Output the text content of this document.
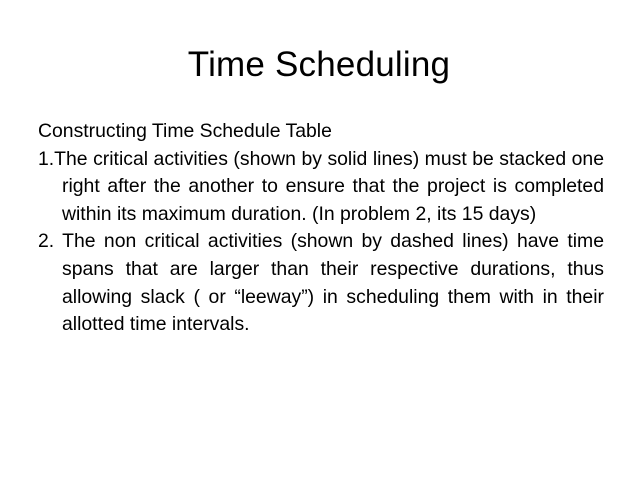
Time Scheduling

Constructing Time Schedule Table

1.The critical activities (shown by solid lines) must be stacked one right after the another to ensure that the project is completed within its maximum duration. (In problem 2, its 15 days)

2. The non critical activities (shown by dashed lines) have time spans that are larger than their respective durations, thus allowing slack ( or “leeway”) in scheduling them with in their allotted time intervals.
